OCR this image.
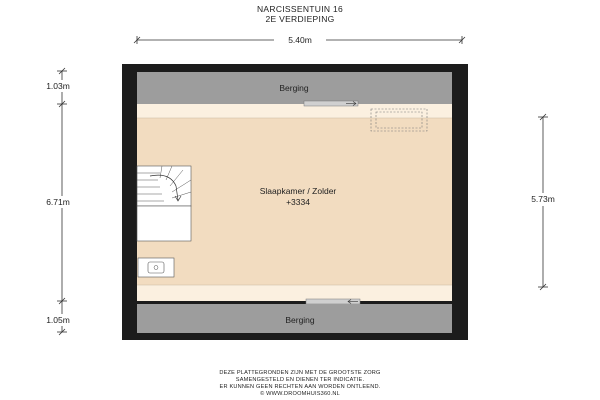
NARCISSENTUIN 16
2E VERDIEPING
5.40m
1.03m
6.71m
1.05m
5.73m
Berging
Slaapkamer / Zolder
+3334
Berging
DEZE PLATTEGRONDEN ZIJN MET DE GROOTSTE ZORG
SAMENGESTELD EN DIENEN TER INDICATIE.
ER KUNNEN GEEN RECHTEN AAN WORDEN ONTLEEND.
© WWW.DROOMHUIS360.NL
